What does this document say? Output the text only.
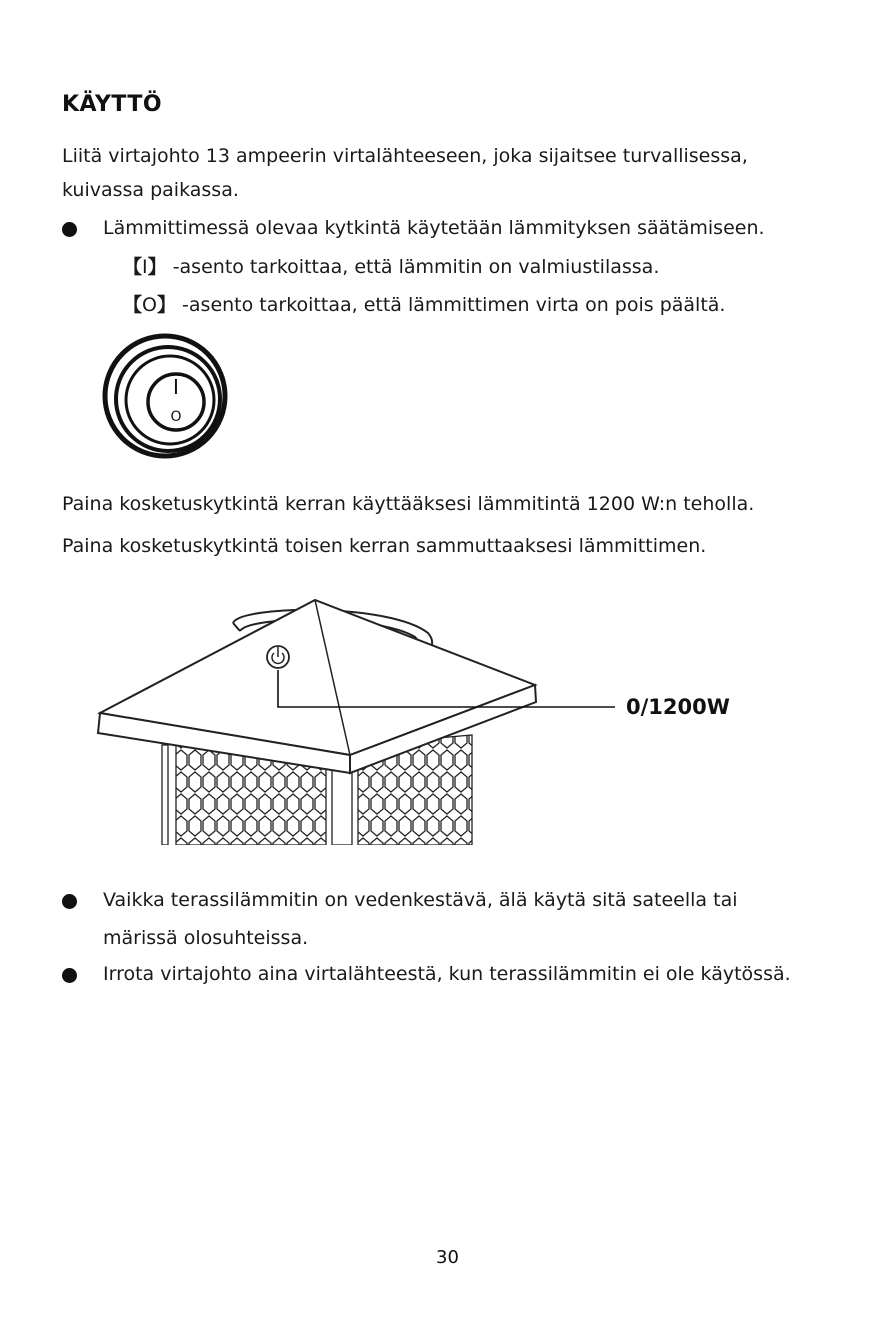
KÄYTTÖ
Liitä virtajohto 13 ampeerin virtalähteeseen, joka sijaitsee turvallisessa,
kuivassa paikassa.
Lämmittimessä olevaa kytkintä käytetään lämmityksen säätämiseen.
【I】 -asento tarkoittaa, että lämmitin on valmiustilassa.
【O】 -asento tarkoittaa, että lämmittimen virta on pois päältä.
I
O
Paina kosketuskytkintä kerran käyttääksesi lämmitintä 1200 W:n teholla.
Paina kosketuskytkintä toisen kerran sammuttaaksesi lämmittimen.
0/1200W
Vaikka terassilämmitin on vedenkestävä, älä käytä sitä sateella tai
märissä olosuhteissa.
Irrota virtajohto aina virtalähteestä, kun terassilämmitin ei ole käytössä.
30
